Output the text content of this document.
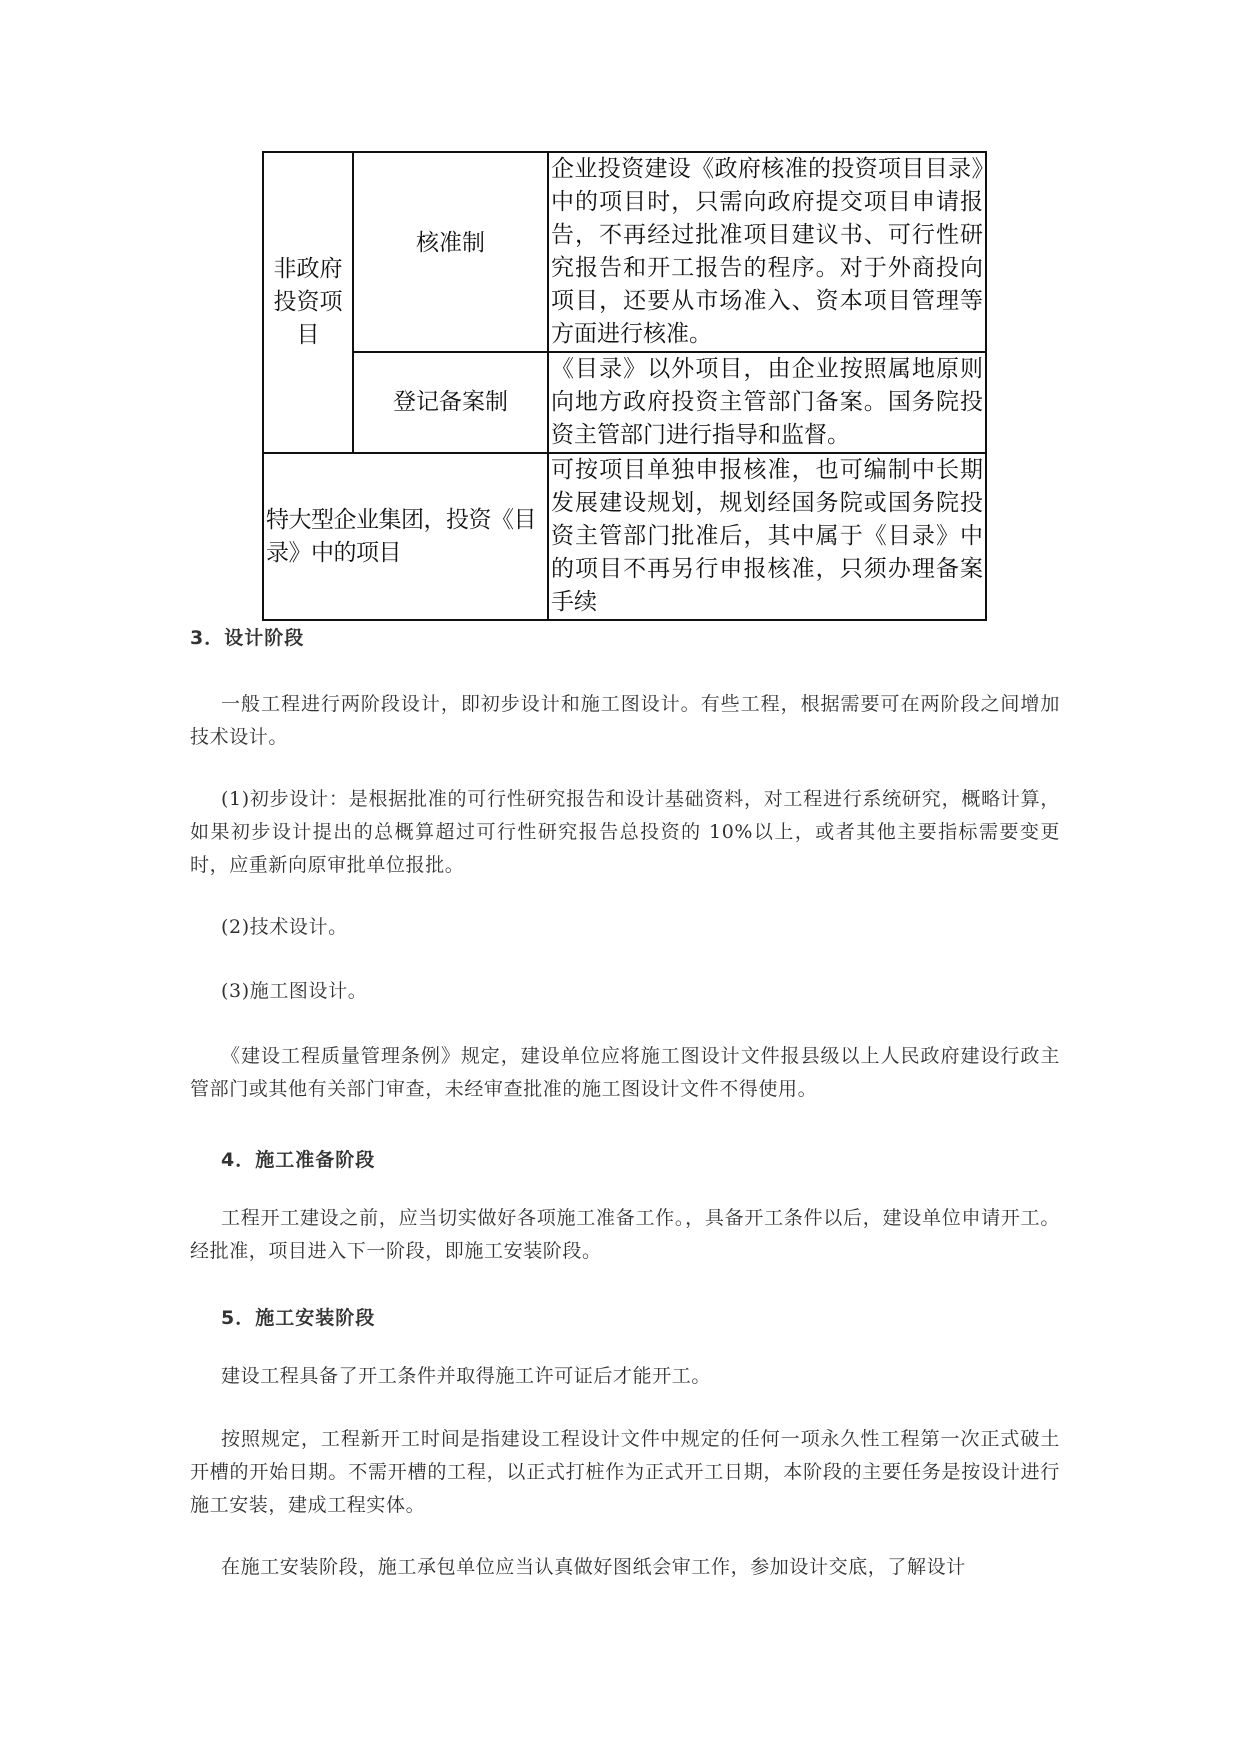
非政府投资项目	核准制	企业投资建设《政府核准的投资项目目录》中的项目时，只需向政府提交项目申请报告，不再经过批准项目建议书、可行性研究报告和开工报告的程序。对于外商投向项目，还要从市场准入、资本项目管理等方面进行核准。
	登记备案制	《目录》以外项目，由企业按照属地原则向地方政府投资主管部门备案。国务院投资主管部门进行指导和监督。
特大型企业集团，投资《目录》中的项目		可按项目单独申报核准，也可编制中长期发展建设规划，规划经国务院或国务院投资主管部门批准后，其中属于《目录》中的项目不再另行申报核准，只须办理备案手续
3．设计阶段
一般工程进行两阶段设计，即初步设计和施工图设计。有些工程，根据需要可在两阶段之间增加技术设计。
(1)初步设计：是根据批准的可行性研究报告和设计基础资料，对工程进行系统研究，概略计算，如果初步设计提出的总概算超过可行性研究报告总投资的 10%以上，或者其他主要指标需要变更时，应重新向原审批单位报批。
(2)技术设计。
(3)施工图设计。
《建设工程质量管理条例》规定，建设单位应将施工图设计文件报县级以上人民政府建设行政主管部门或其他有关部门审查，未经审查批准的施工图设计文件不得使用。
4．施工准备阶段
工程开工建设之前，应当切实做好各项施工准备工作。，具备开工条件以后，建设单位申请开工。经批准，项目进入下一阶段，即施工安装阶段。
5．施工安装阶段
建设工程具备了开工条件并取得施工许可证后才能开工。
按照规定，工程新开工时间是指建设工程设计文件中规定的任何一项永久性工程第一次正式破土开槽的开始日期。不需开槽的工程，以正式打桩作为正式开工日期，本阶段的主要任务是按设计进行施工安装，建成工程实体。
在施工安装阶段，施工承包单位应当认真做好图纸会审工作，参加设计交底，了解设计
